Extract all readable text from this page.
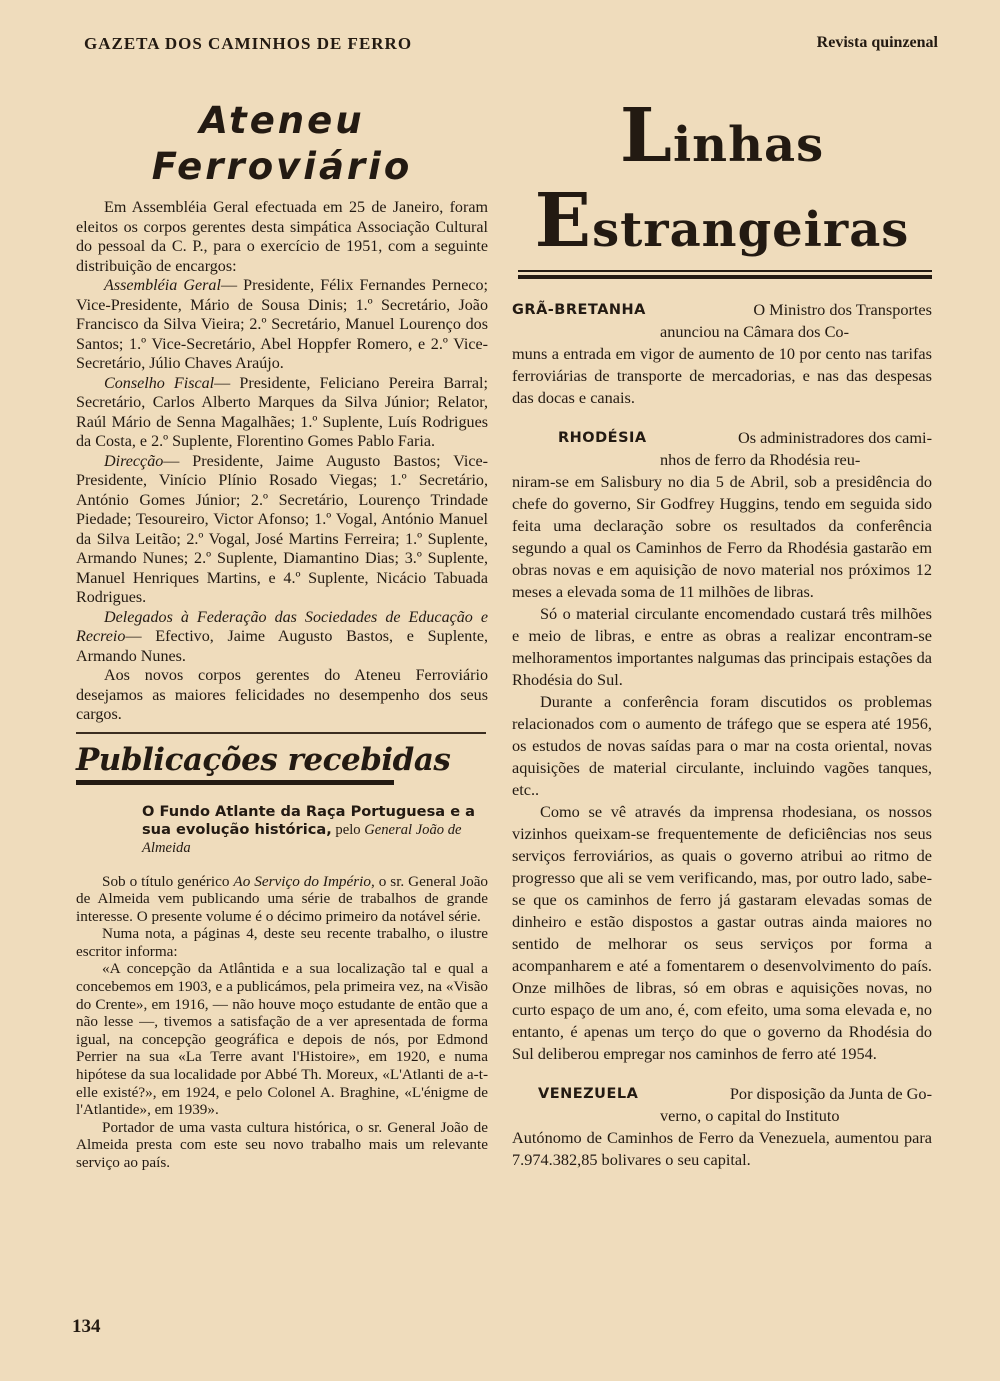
GAZETA DOS CAMINHOS DE FERRO	Revista quinzenal
Ateneu Ferroviário

Em Assembléia Geral efectuada em 25 de Janeiro, foram eleitos os corpos gerentes desta simpática Associação Cultural do pessoal da C. P., para o exercício de 1951, com a seguinte distribuição de encargos:

Assembléia Geral— Presidente, Félix Fernandes Perneco; Vice-Presidente, Mário de Sousa Dinis; 1.º Secretário, João Francisco da Silva Vieira; 2.º Secretário, Manuel Lourenço dos Santos; 1.º Vice-Secretário, Abel Hoppfer Romero, e 2.º Vice-Secretário, Júlio Chaves Araújo.

Conselho Fiscal— Presidente, Feliciano Pereira Barral; Secretário, Carlos Alberto Marques da Silva Júnior; Relator, Raúl Mário de Senna Magalhães; 1.º Suplente, Luís Rodrigues da Costa, e 2.º Suplente, Florentino Gomes Pablo Faria.

Direcção— Presidente, Jaime Augusto Bastos; Vice-Presidente, Vinício Plínio Rosado Viegas; 1.º Secretário, António Gomes Júnior; 2.º Secretário, Lourenço Trindade Piedade; Tesoureiro, Victor Afonso; 1.º Vogal, António Manuel da Silva Leitão; 2.º Vogal, José Martins Ferreira; 1.º Suplente, Armando Nunes; 2.º Suplente, Diamantino Dias; 3.º Suplente, Manuel Henriques Martins, e 4.º Suplente, Nicácio Tabuada Rodrigues.

Delegados à Federação das Sociedades de Educação e Recreio— Efectivo, Jaime Augusto Bastos, e Suplente, Armando Nunes.

Aos novos corpos gerentes do Ateneu Ferroviário desejamos as maiores felicidades no desempenho dos seus cargos.

Publicações recebidas
O Fundo Atlante da Raça Portuguesa e a sua evolução histórica, pelo General João de Almeida

Sob o título genérico Ao Serviço do Império, o sr. General João de Almeida vem publicando uma série de trabalhos de grande interesse. O presente volume é o décimo primeiro da notável série.

Numa nota, a páginas 4, deste seu recente trabalho, o ilustre escritor informa:

«A concepção da Atlântida e a sua localização tal e qual a concebemos em 1903, e a publicámos, pela primeira vez, na «Visão do Crente», em 1916, — não houve moço estudante de então que a não lesse —, tivemos a satisfação de a ver apresentada de forma igual, na concepção geográfica e depois de nós, por Edmond Perrier na sua «La Terre avant l'Histoire», em 1920, e numa hipótese da sua localidade por Abbé Th. Moreux, «L'Atlanti de a-t-elle existé?», em 1924, e pelo Colonel A. Braghine, «L'énigme de l'Atlantide», em 1939».

Portador de uma vasta cultura histórica, o sr. General João de Almeida presta com este seu novo trabalho mais um relevante serviço ao país.

Linhas Estrangeiras
GRÃ-BRETANHA	O Ministro dos Transportes
anunciou na Câmara dos Co-

muns a entrada em vigor de aumento de 10 por cento nas tarifas ferroviárias de transporte de mercadorias, e nas das despesas das docas e canais.

RHODÉSIA	Os administradores dos cami-
nhos de ferro da Rhodésia reu-

niram-se em Salisbury no dia 5 de Abril, sob a presidência do chefe do governo, Sir Godfrey Huggins, tendo em seguida sido feita uma declaração sobre os resultados da conferência segundo a qual os Caminhos de Ferro da Rhodésia gastarão em obras novas e em aquisição de novo material nos próximos 12 meses a elevada soma de 11 milhões de libras.

Só o material circulante encomendado custará três milhões e meio de libras, e entre as obras a realizar encontram-se melhoramentos importantes nalgumas das principais estações da Rhodésia do Sul.

Durante a conferência foram discutidos os problemas relacionados com o aumento de tráfego que se espera até 1956, os estudos de novas saídas para o mar na costa oriental, novas aquisições de material circulante, incluindo vagões tanques, etc..

Como se vê através da imprensa rhodesiana, os nossos vizinhos queixam-se frequentemente de deficiências nos seus serviços ferroviários, as quais o governo atribui ao ritmo de progresso que ali se vem verificando, mas, por outro lado, sabe-se que os caminhos de ferro já gastaram elevadas somas de dinheiro e estão dispostos a gastar outras ainda maiores no sentido de melhorar os seus serviços por forma a acompanharem e até a fomentarem o desenvolvimento do país. Onze milhões de libras, só em obras e aquisições novas, no curto espaço de um ano, é, com efeito, uma soma elevada e, no entanto, é apenas um terço do que o governo da Rhodésia do Sul deliberou empregar nos caminhos de ferro até 1954.

VENEZUELA	Por disposição da Junta de Go-
verno, o capital do Instituto

Autónomo de Caminhos de Ferro da Venezuela, aumentou para 7.974.382,85 bolivares o seu capital.

134
